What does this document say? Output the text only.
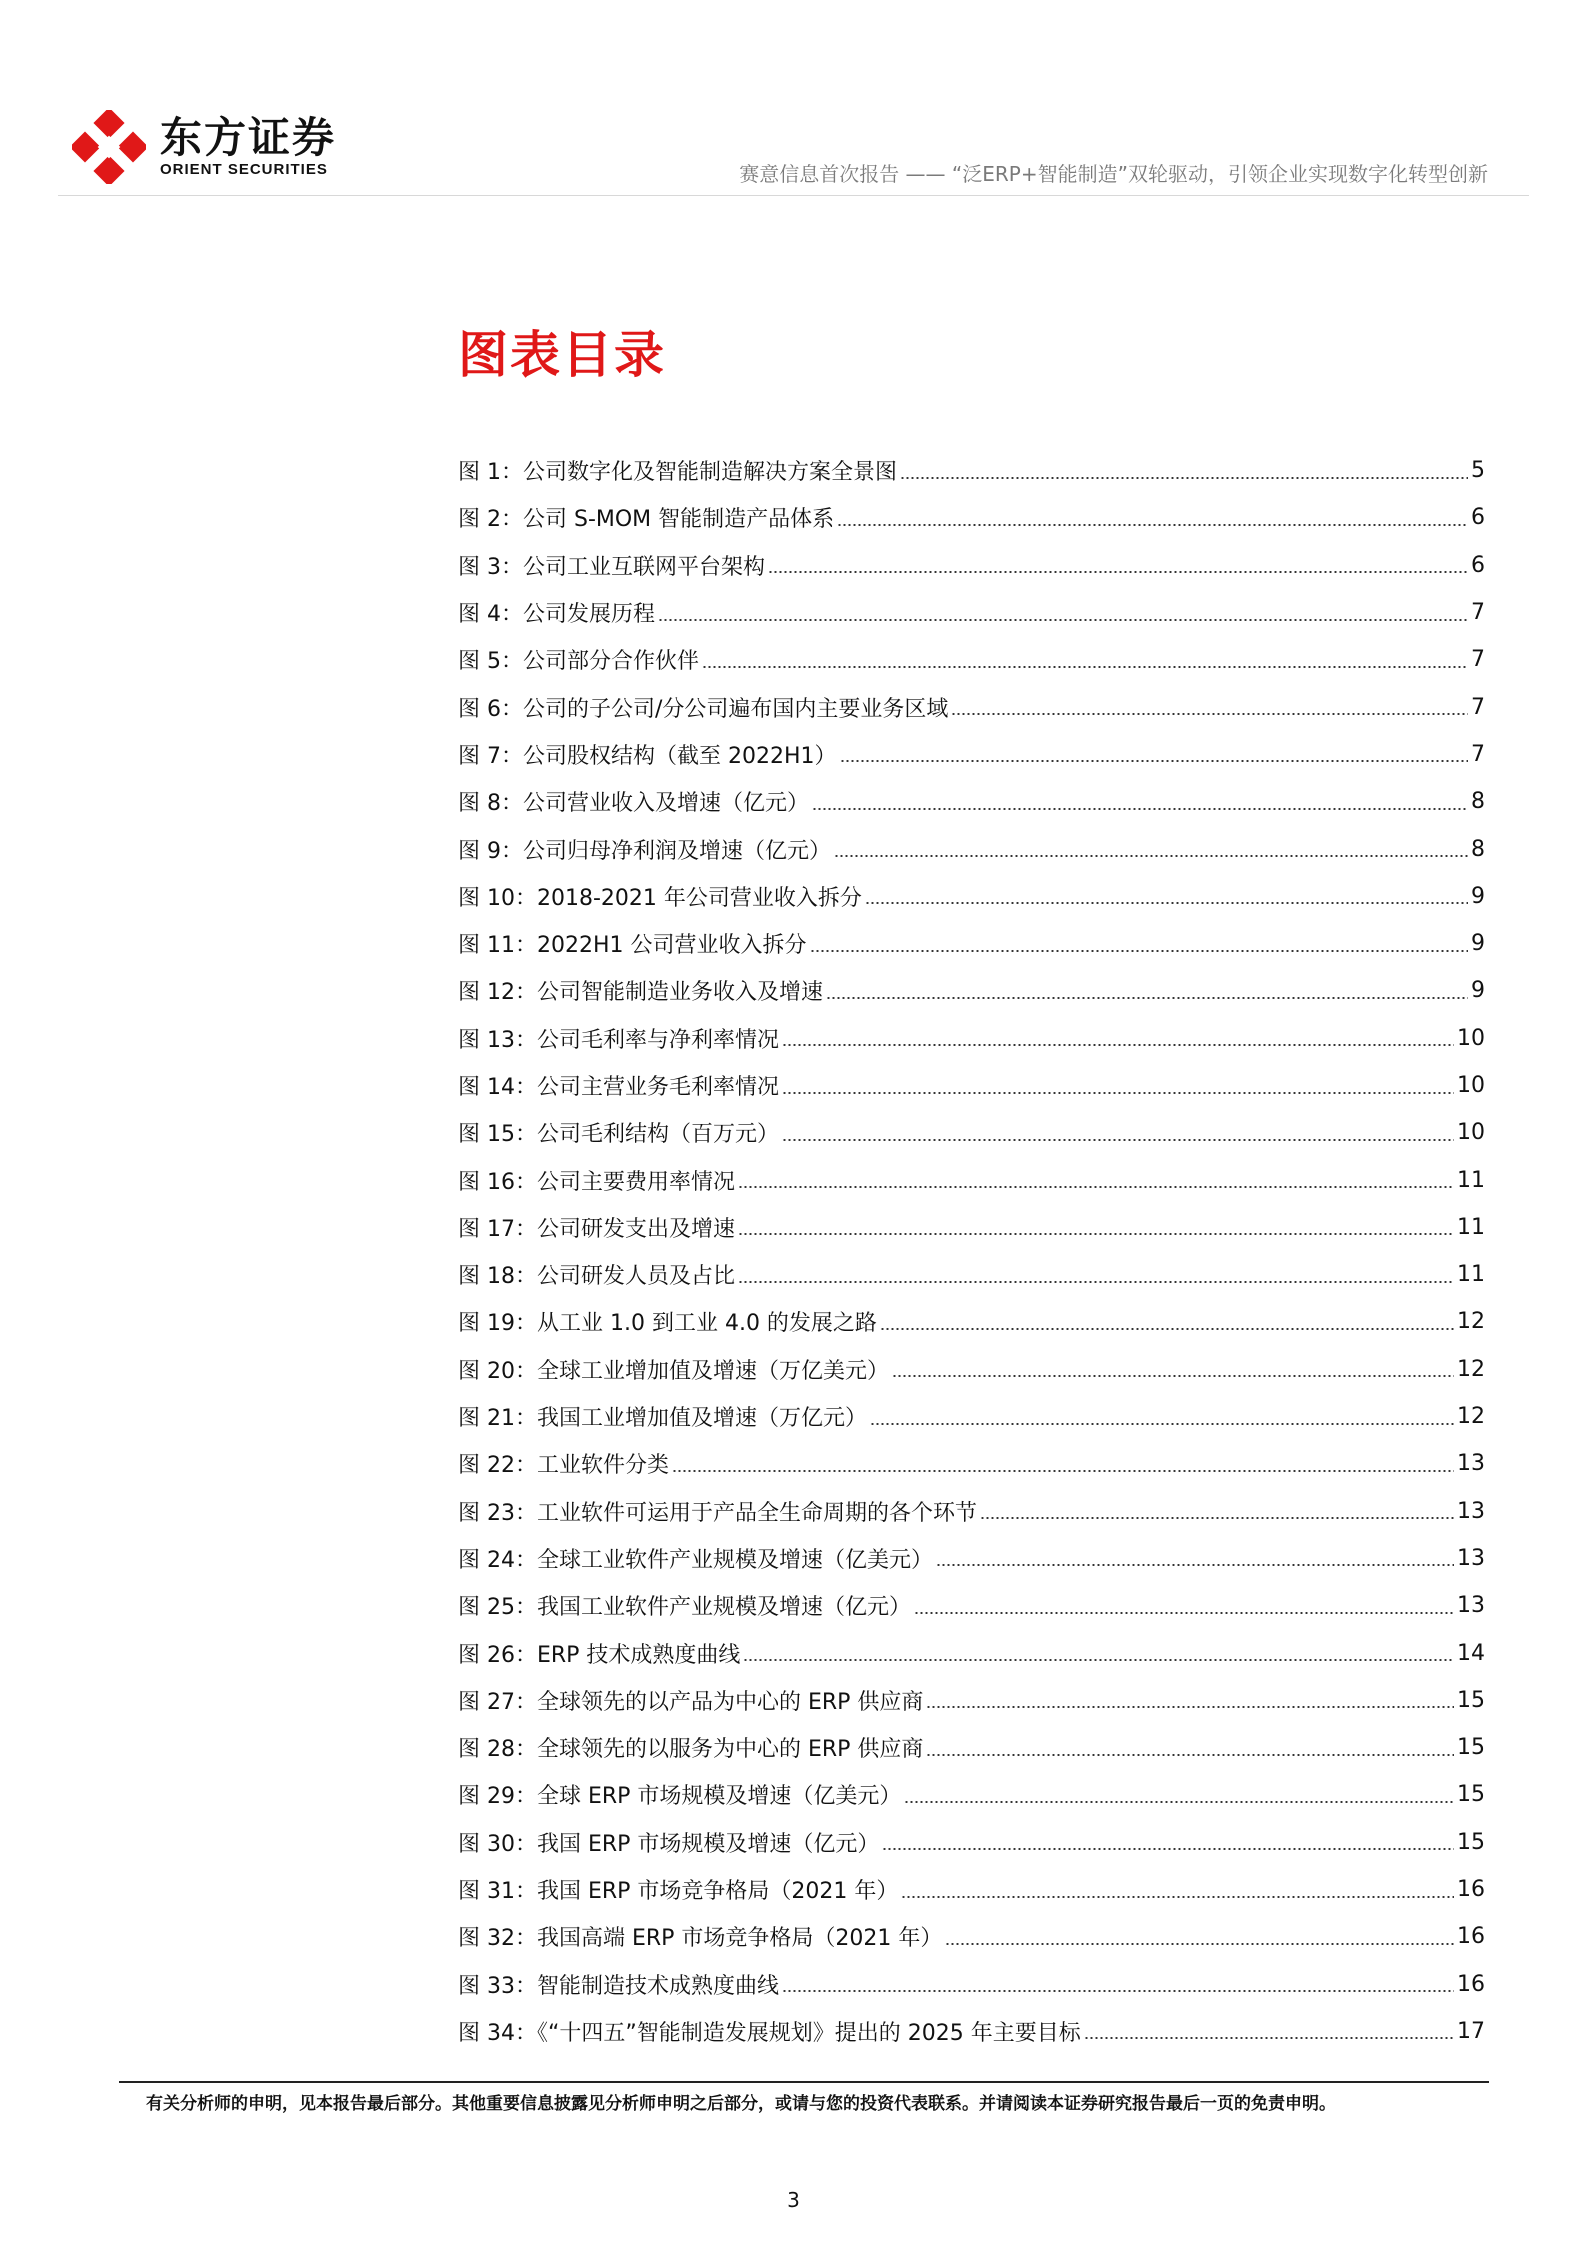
东方证券
ORIENT SECURITIES	赛意信息首次报告 —— “泛ERP+智能制造”双轮驱动，引领企业实现数字化转型创新
图表目录
图 1：公司数字化及智能制造解决方案全景图	5
图 2：公司 S-MOM 智能制造产品体系	6
图 3：公司工业互联网平台架构	6
图 4：公司发展历程	7
图 5：公司部分合作伙伴	7
图 6：公司的子公司/分公司遍布国内主要业务区域	7
图 7：公司股权结构（截至 2022H1）	7
图 8：公司营业收入及增速（亿元）	8
图 9：公司归母净利润及增速（亿元）	8
图 10：2018-2021 年公司营业收入拆分	9
图 11：2022H1 公司营业收入拆分	9
图 12：公司智能制造业务收入及增速	9
图 13：公司毛利率与净利率情况	10
图 14：公司主营业务毛利率情况	10
图 15：公司毛利结构（百万元）	10
图 16：公司主要费用率情况	11
图 17：公司研发支出及增速	11
图 18：公司研发人员及占比	11
图 19：从工业 1.0 到工业 4.0 的发展之路	12
图 20：全球工业增加值及增速（万亿美元）	12
图 21：我国工业增加值及增速（万亿元）	12
图 22：工业软件分类	13
图 23：工业软件可运用于产品全生命周期的各个环节	13
图 24：全球工业软件产业规模及增速（亿美元）	13
图 25：我国工业软件产业规模及增速（亿元）	13
图 26：ERP 技术成熟度曲线	14
图 27：全球领先的以产品为中心的 ERP 供应商	15
图 28：全球领先的以服务为中心的 ERP 供应商	15
图 29：全球 ERP 市场规模及增速（亿美元）	15
图 30：我国 ERP 市场规模及增速（亿元）	15
图 31：我国 ERP 市场竞争格局（2021 年）	16
图 32：我国高端 ERP 市场竞争格局（2021 年）	16
图 33：智能制造技术成熟度曲线	16
图 34：《“十四五”智能制造发展规划》提出的 2025 年主要目标	17
有关分析师的申明，见本报告最后部分。其他重要信息披露见分析师申明之后部分，或请与您的投资代表联系。并请阅读本证券研究报告最后一页的免责申明。
3
